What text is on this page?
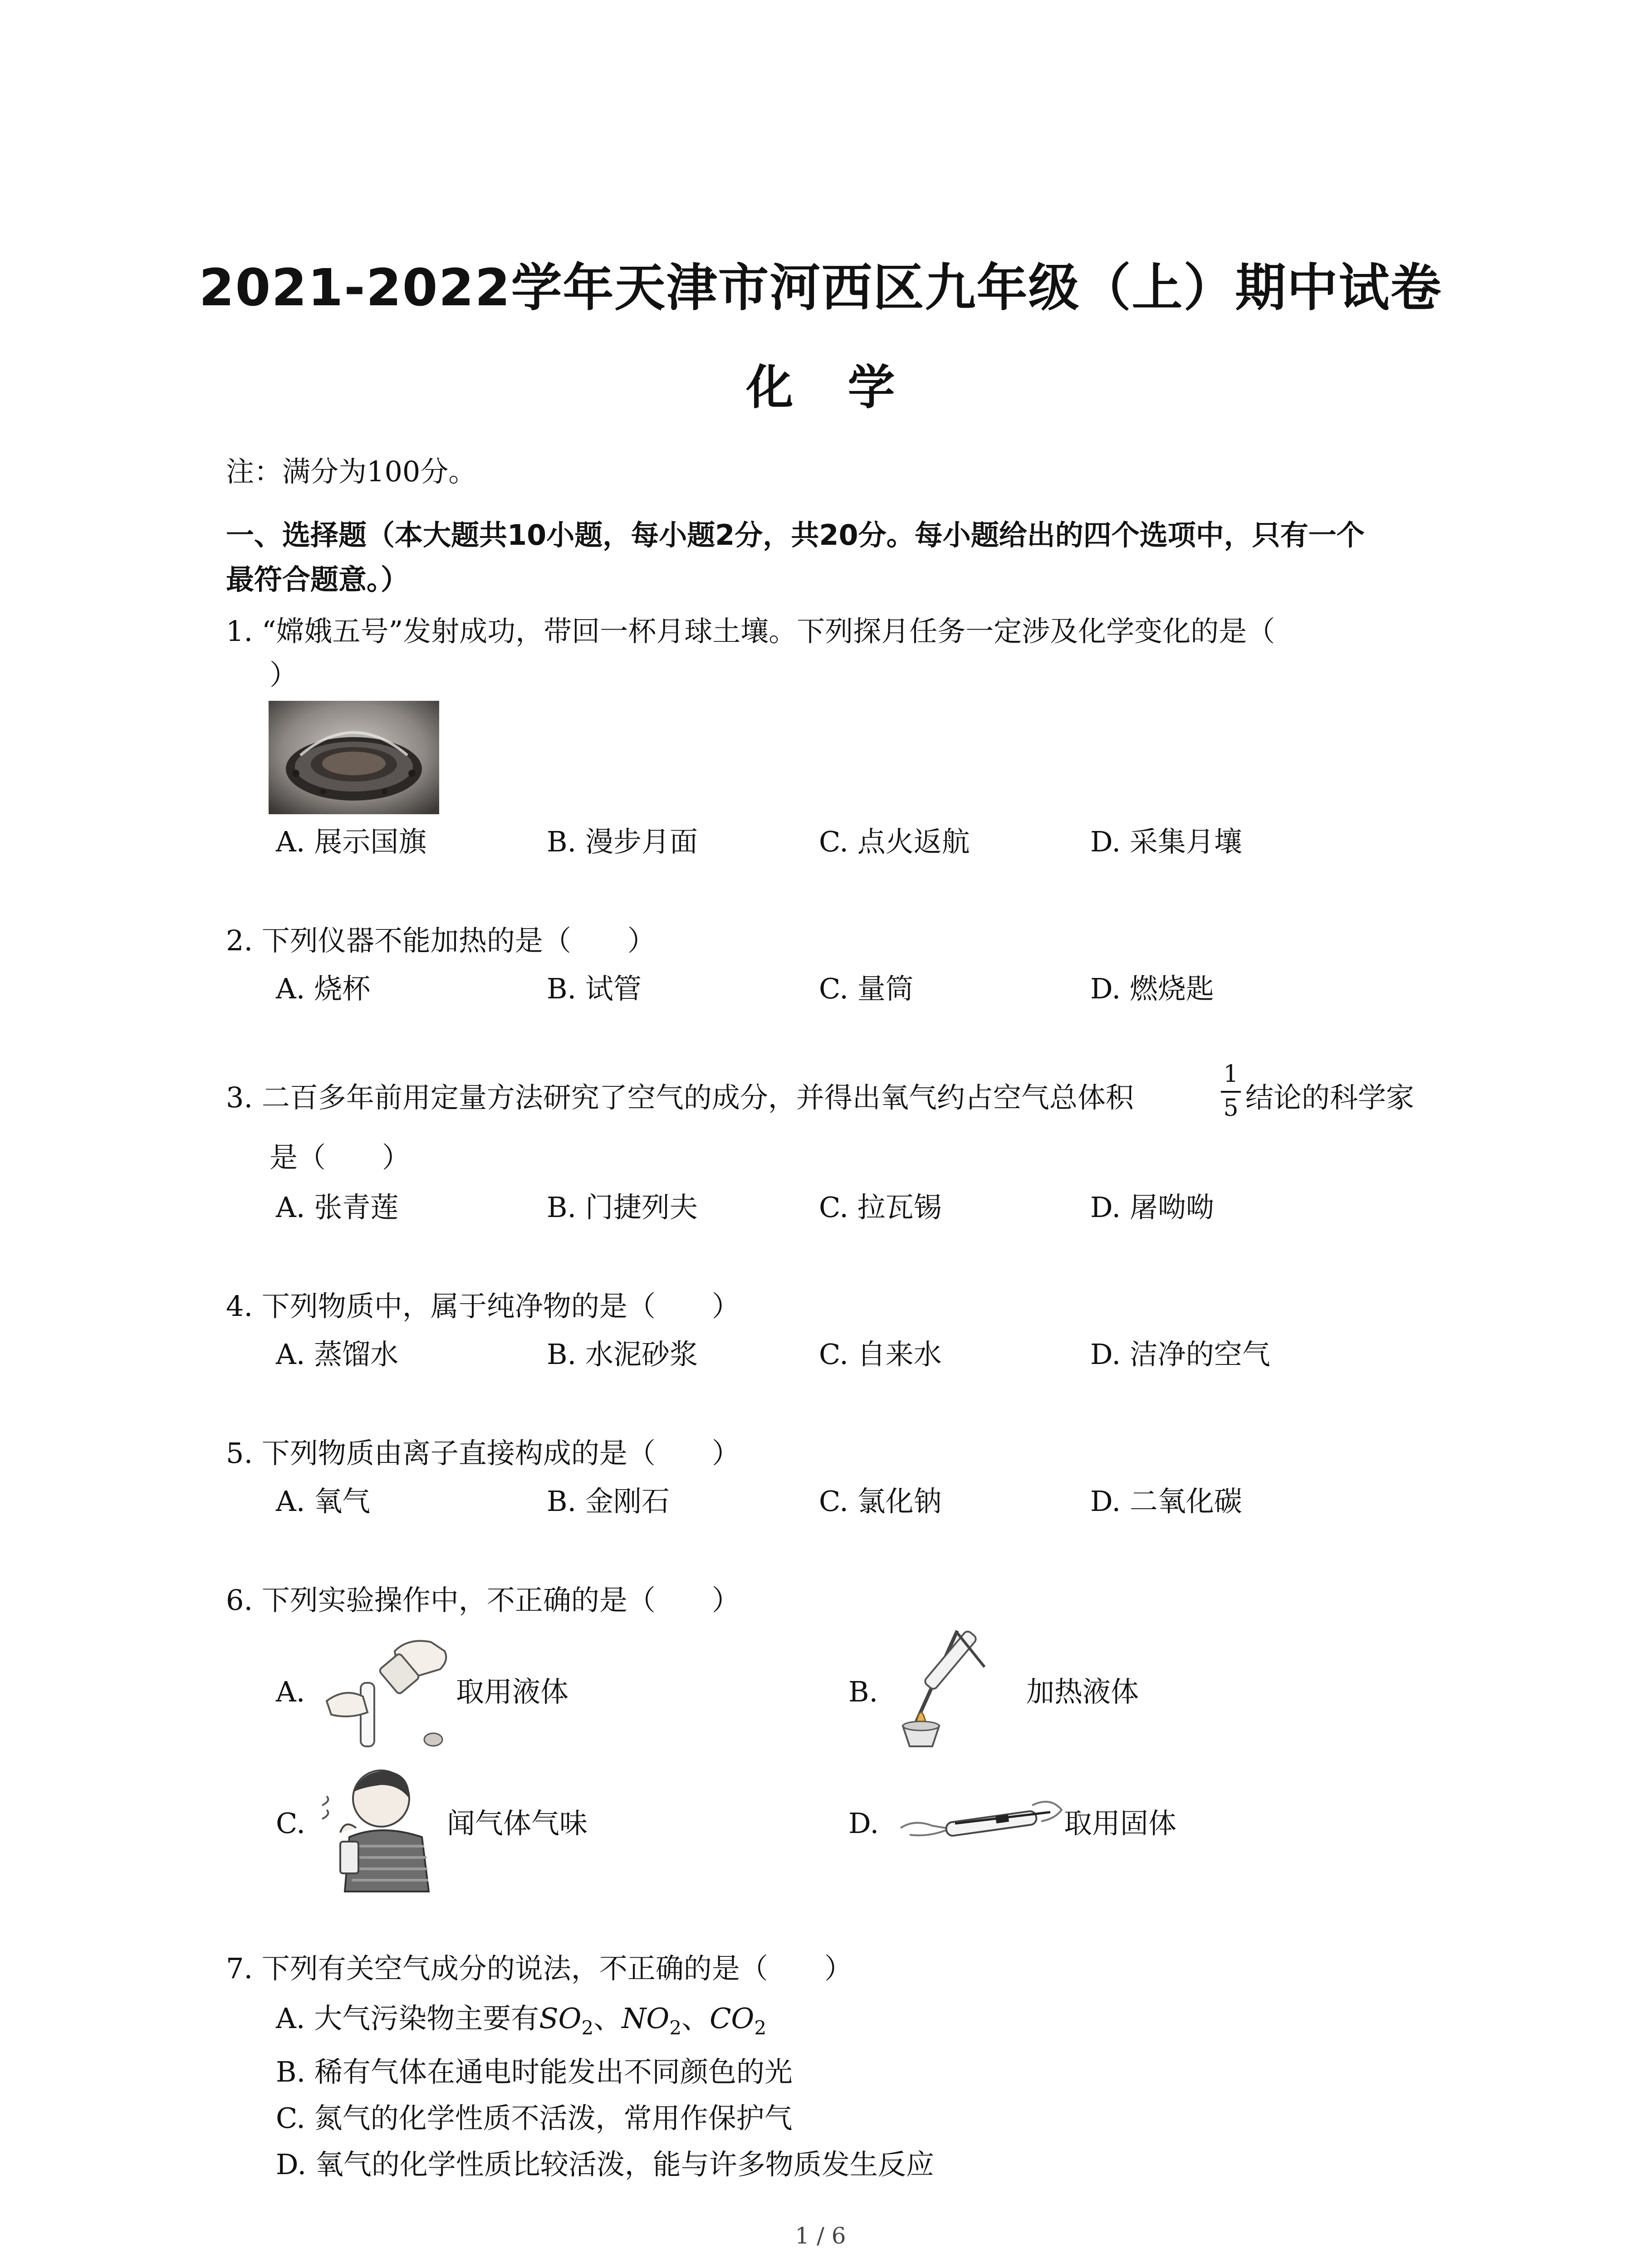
2021-2022学年天津市河西区九年级（上）期中试卷
化学
注：满分为100分。
一、选择题（本大题共10小题，每小题2分，共20分。每小题给出的四个选项中，只有一个
最符合题意。）
1. “嫦娥五号”发射成功，带回一杯月球土壤。下列探月任务一定涉及化学变化的是（
）
A. 展示国旗	B. 漫步月面	C. 点火返航	D. 采集月壤
2. 下列仪器不能加热的是（　　）
A. 烧杯	B. 试管	C. 量筒	D. 燃烧匙
3. 二百多年前用定量方法研究了空气的成分，并得出氧气约占空气总体积
1
5 结论的科学家
是（　　）
A. 张青莲	B. 门捷列夫	C. 拉瓦锡	D. 屠呦呦
4. 下列物质中，属于纯净物的是（　　）
A. 蒸馏水	B. 水泥砂浆	C. 自来水	D. 洁净的空气
5. 下列物质由离子直接构成的是（　　）
A. 氧气	B. 金刚石	C. 氯化钠	D. 二氧化碳
6. 下列实验操作中，不正确的是（　　）
A.	取用液体	B.	加热液体
C.	闻气体气味	D.	取用固体
7. 下列有关空气成分的说法，不正确的是（　　）
A. 大气污染物主要有$SO_2$、$NO_2$、$CO_2$
B. 稀有气体在通电时能发出不同颜色的光
C. 氮气的化学性质不活泼，常用作保护气
D. 氧气的化学性质比较活泼，能与许多物质发生反应
1 / 6
